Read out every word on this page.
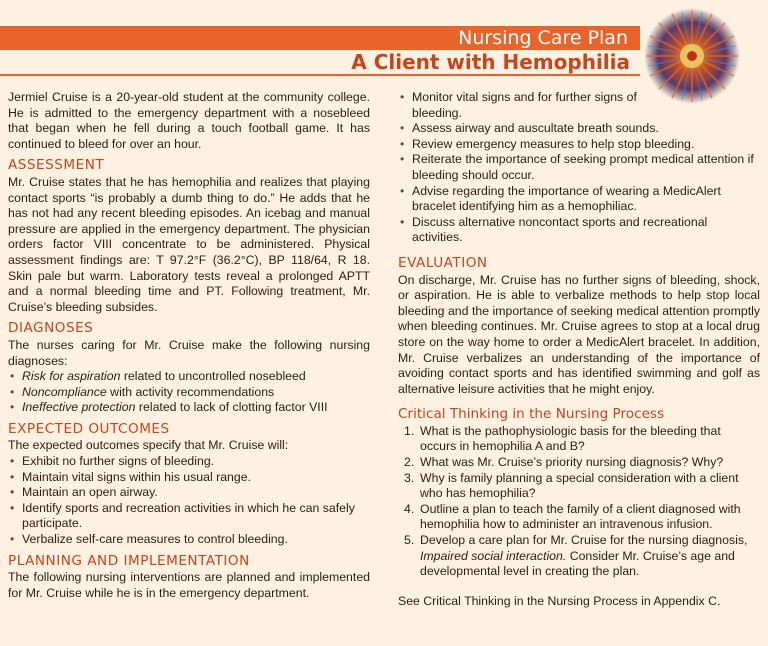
Nursing Care Plan
A Client with Hemophilia

Jermiel Cruise is a 20-year-old student at the community college. He is admitted to the emergency department with a nosebleed that began when he fell during a touch football game. It has continued to bleed for over an hour.

ASSESSMENT

Mr. Cruise states that he has hemophilia and realizes that playing contact sports “is probably a dumb thing to do.” He adds that he has not had any recent bleeding episodes. An icebag and manual pressure are applied in the emergency department. The physician orders factor VIII concentrate to be administered. Physical assessment findings are: T 97.2°F (36.2°C), BP 118/64, R 18. Skin pale but warm. Laboratory tests reveal a prolonged APTT and a normal bleeding time and PT. Following treatment, Mr. Cruise’s bleeding subsides.

DIAGNOSES

The nurses caring for Mr. Cruise make the following nursing diagnoses:

• Risk for aspiration related to uncontrolled nosebleed
• Noncompliance with activity recommendations
• Ineffective protection related to lack of clotting factor VIII
EXPECTED OUTCOMES

The expected outcomes specify that Mr. Cruise will:

• Exhibit no further signs of bleeding.
• Maintain vital signs within his usual range.
• Maintain an open airway.
• Identify sports and recreation activities in which he can safely participate.
• Verbalize self-care measures to control bleeding.
PLANNING AND IMPLEMENTATION

The following nursing interventions are planned and implemented for Mr. Cruise while he is in the emergency department.

• Monitor vital signs and for further signs of bleeding.
• Assess airway and auscultate breath sounds.
• Review emergency measures to help stop bleeding.
• Reiterate the importance of seeking prompt medical attention if bleeding should occur.
• Advise regarding the importance of wearing a MedicAlert bracelet identifying him as a hemophiliac.
• Discuss alternative noncontact sports and recreational activities.
EVALUATION

On discharge, Mr. Cruise has no further signs of bleeding, shock, or aspiration. He is able to verbalize methods to help stop local bleeding and the importance of seeking medical attention promptly when bleeding continues. Mr. Cruise agrees to stop at a local drug store on the way home to order a MedicAlert bracelet. In addition, Mr. Cruise verbalizes an understanding of the importance of avoiding contact sports and has identified swimming and golf as alternative leisure activities that he might enjoy.

Critical Thinking in the Nursing Process
1. What is the pathophysiologic basis for the bleeding that occurs in hemophilia A and B?
2. What was Mr. Cruise’s priority nursing diagnosis? Why?
3. Why is family planning a special consideration with a client who has hemophilia?
4. Outline a plan to teach the family of a client diagnosed with hemophilia how to administer an intravenous infusion.
5. Develop a care plan for Mr. Cruise for the nursing diagnosis, Impaired social interaction. Consider Mr. Cruise’s age and developmental level in creating the plan.

See Critical Thinking in the Nursing Process in Appendix C.
